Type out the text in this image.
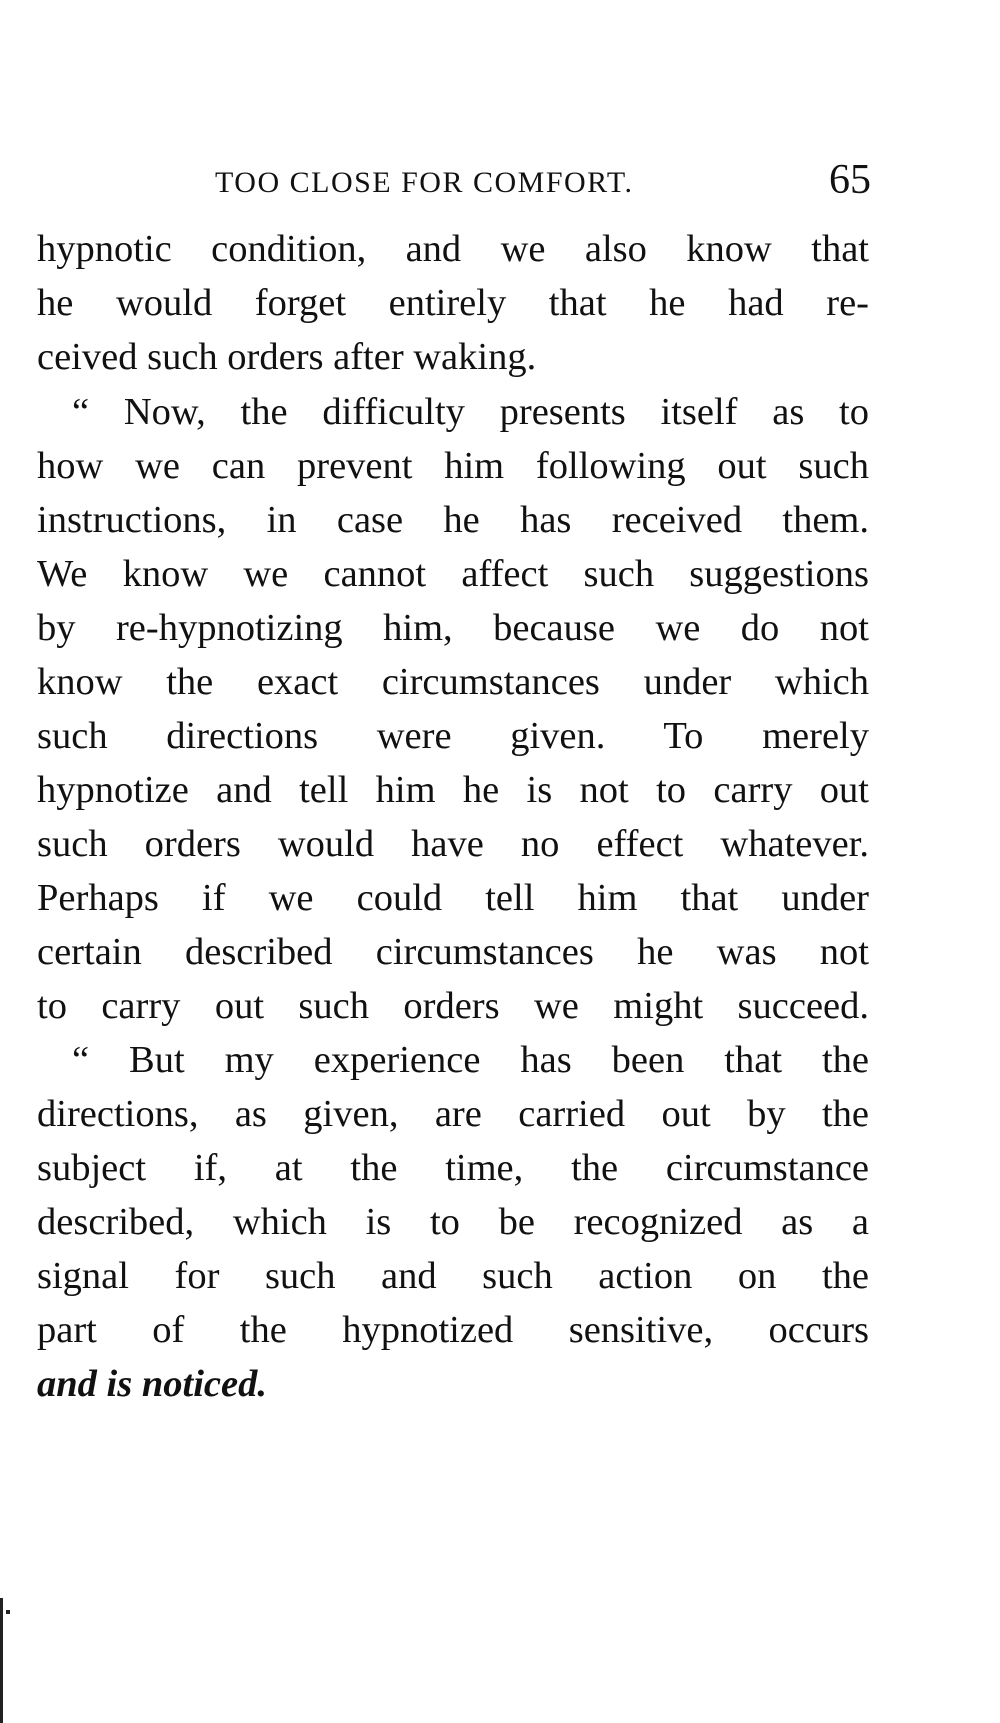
TOO CLOSE FOR COMFORT.	65
hypnotic condition, and we also know that
he would forget entirely that he had re-
ceived such orders after waking.
“ Now, the difficulty presents itself as to
how we can prevent him following out such
instructions, in case he has received them.
We know we cannot affect such suggestions
by re-hypnotizing him, because we do not
know the exact circumstances under which
such directions were given. To merely
hypnotize and tell him he is not to carry out
such orders would have no effect whatever.
Perhaps if we could tell him that under
certain described circumstances he was not
to carry out such orders we might succeed.
“ But my experience has been that the
directions, as given, are carried out by the
subject if, at the time, the circumstance
described, which is to be recognized as a
signal for such and such action on the
part of the hypnotized sensitive, occurs
and is noticed.
